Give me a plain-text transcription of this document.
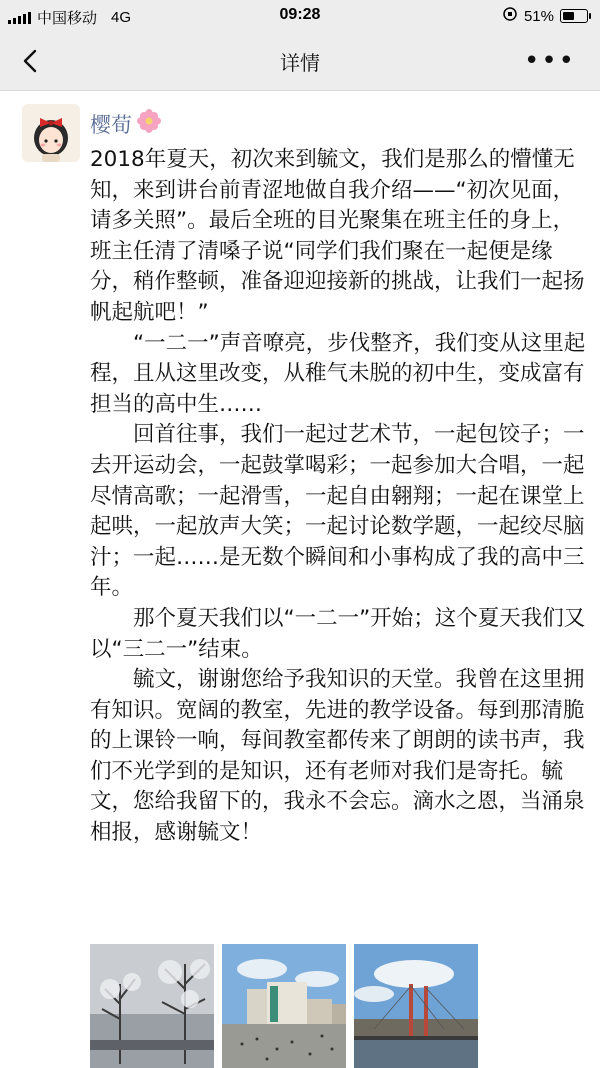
中国移动 4G	09:28	51%
详情	•••
樱荀

2018年夏天，初次来到毓文，我们是那么的懵懂无知，来到讲台前青涩地做自我介绍——“初次见面，请多关照”。最后全班的目光聚集在班主任的身上，班主任清了清嗓子说“同学们我们聚在一起便是缘分，稍作整顿，准备迎迎接新的挑战，让我们一起扬帆起航吧！”

“一二一”声音嘹亮，步伐整齐，我们变从这里起程，且从这里改变，从稚气未脱的初中生，变成富有担当的高中生……

回首往事，我们一起过艺术节，一起包饺子；一去开运动会，一起鼓掌喝彩；一起参加大合唱，一起尽情高歌；一起滑雪，一起自由翱翔；一起在课堂上起哄，一起放声大笑；一起讨论数学题，一起绞尽脑汁；一起……是无数个瞬间和小事构成了我的高中三年。

那个夏天我们以“一二一”开始；这个夏天我们又以“三二一”结束。

毓文，谢谢您给予我知识的天堂。我曾在这里拥有知识。宽阔的教室，先进的教学设备。每到那清脆的上课铃一响，每间教室都传来了朗朗的读书声，我们不光学到的是知识，还有老师对我们是寄托。毓文，您给我留下的，我永不会忘。滴水之恩，当涌泉相报，感谢毓文！
